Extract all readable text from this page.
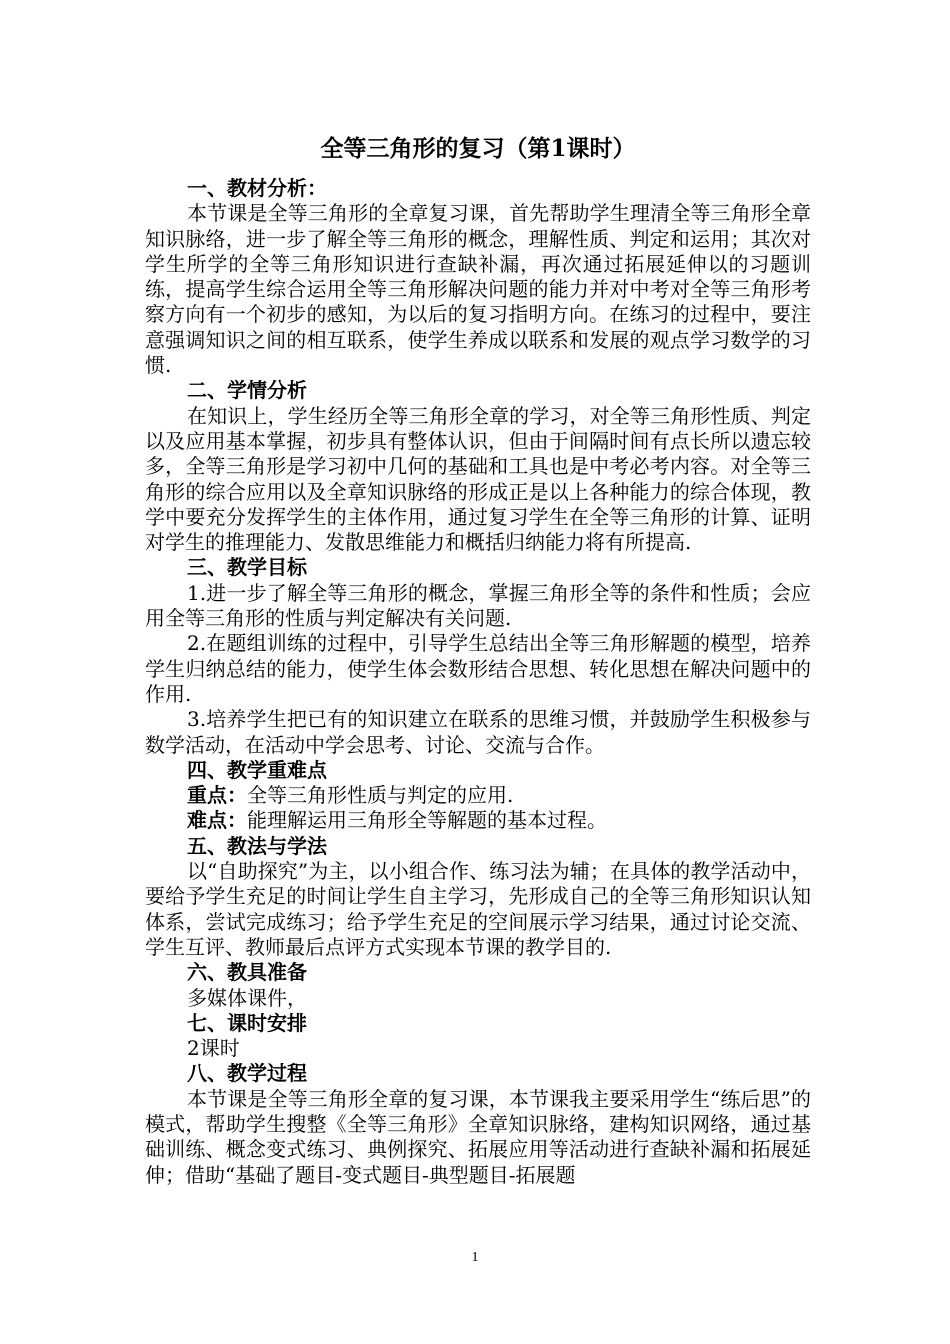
全等三角形的复习（第1课时）

一、教材分析：

本节课是全等三角形的全章复习课，首先帮助学生理清全等三角形全章知识脉络，进一步了解全等三角形的概念，理解性质、判定和运用；其次对学生所学的全等三角形知识进行查缺补漏，再次通过拓展延伸以的习题训练，提高学生综合运用全等三角形解决问题的能力并对中考对全等三角形考察方向有一个初步的感知，为以后的复习指明方向。在练习的过程中，要注意强调知识之间的相互联系，使学生养成以联系和发展的观点学习数学的习惯.

二、学情分析

在知识上，学生经历全等三角形全章的学习，对全等三角形性质、判定以及应用基本掌握，初步具有整体认识，但由于间隔时间有点长所以遗忘较多，全等三角形是学习初中几何的基础和工具也是中考必考内容。对全等三角形的综合应用以及全章知识脉络的形成正是以上各种能力的综合体现，教学中要充分发挥学生的主体作用，通过复习学生在全等三角形的计算、证明对学生的推理能力、发散思维能力和概括归纳能力将有所提高.

三、教学目标

1.进一步了解全等三角形的概念，掌握三角形全等的条件和性质；会应用全等三角形的性质与判定解决有关问题.

2.在题组训练的过程中，引导学生总结出全等三角形解题的模型，培养学生归纳总结的能力，使学生体会数形结合思想、转化思想在解决问题中的作用.

3.培养学生把已有的知识建立在联系的思维习惯，并鼓励学生积极参与数学活动，在活动中学会思考、讨论、交流与合作。

四、教学重难点

重点：全等三角形性质与判定的应用.

难点：能理解运用三角形全等解题的基本过程。

五、教法与学法

以“自助探究”为主，以小组合作、练习法为辅；在具体的教学活动中，要给予学生充足的时间让学生自主学习，先形成自己的全等三角形知识认知体系，尝试完成练习；给予学生充足的空间展示学习结果，通过讨论交流、学生互评、教师最后点评方式实现本节课的教学目的.

六、教具准备

多媒体课件，

七、课时安排

2课时

八、教学过程

本节课是全等三角形全章的复习课，本节课我主要采用学生“练后思”的模式，帮助学生搜整《全等三角形》全章知识脉络，建构知识网络，通过基础训练、概念变式练习、典例探究、拓展应用等活动进行查缺补漏和拓展延伸；借助“基础了题目-变式题目-典型题目-拓展题

1
